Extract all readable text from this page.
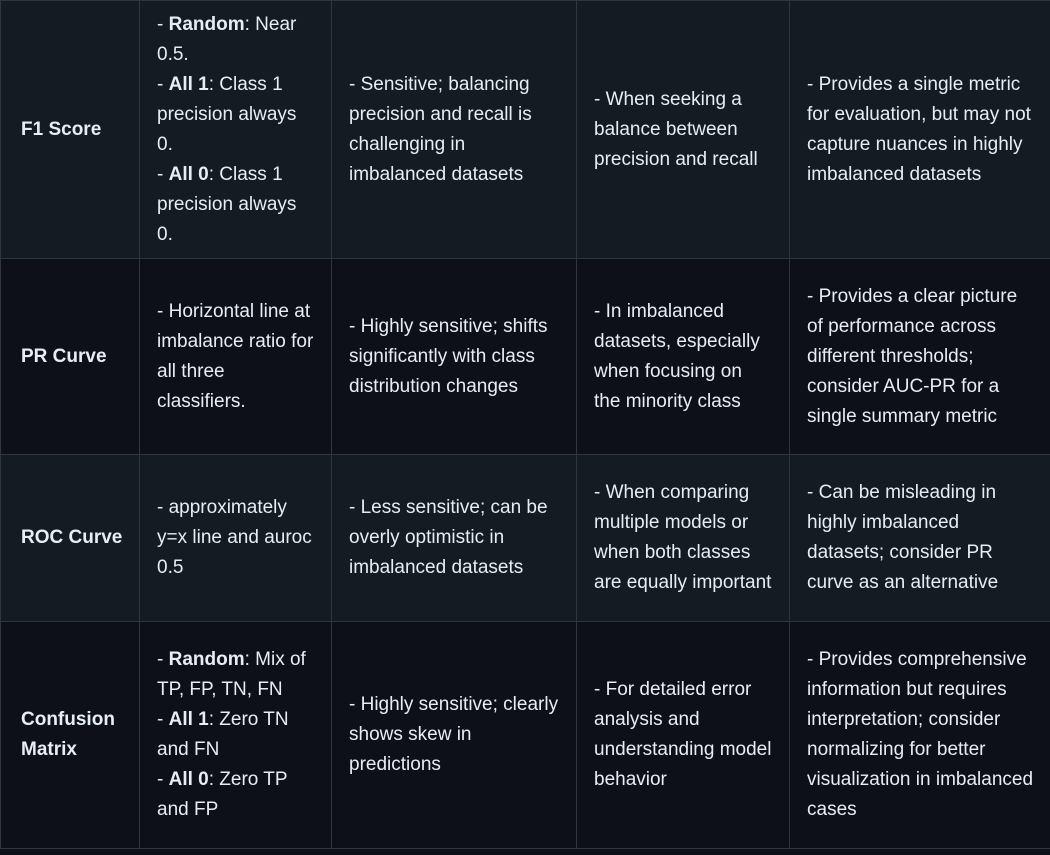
F1 Score	- Random: Near 0.5.
- All 1: Class 1 precision always 0.
- All 0: Class 1 precision always 0.	- Sensitive; balancing precision and recall is challenging in imbalanced datasets	- When seeking a balance between precision and recall	- Provides a single metric for evaluation, but may not capture nuances in highly imbalanced datasets
PR Curve	- Horizontal line at imbalance ratio for all three classifiers.	- Highly sensitive; shifts significantly with class distribution changes	- In imbalanced datasets, especially when focusing on the minority class	- Provides a clear picture of performance across different thresholds; consider AUC-PR for a single summary metric
ROC Curve	- approximately y=x line and auroc 0.5	- Less sensitive; can be overly optimistic in imbalanced datasets	- When comparing multiple models or when both classes are equally important	- Can be misleading in highly imbalanced datasets; consider PR curve as an alternative
Confusion Matrix	- Random: Mix of TP, FP, TN, FN
- All 1: Zero TN and FN
- All 0: Zero TP and FP	- Highly sensitive; clearly shows skew in predictions	- For detailed error analysis and understanding model behavior	- Provides comprehensive information but requires interpretation; consider normalizing for better visualization in imbalanced cases
